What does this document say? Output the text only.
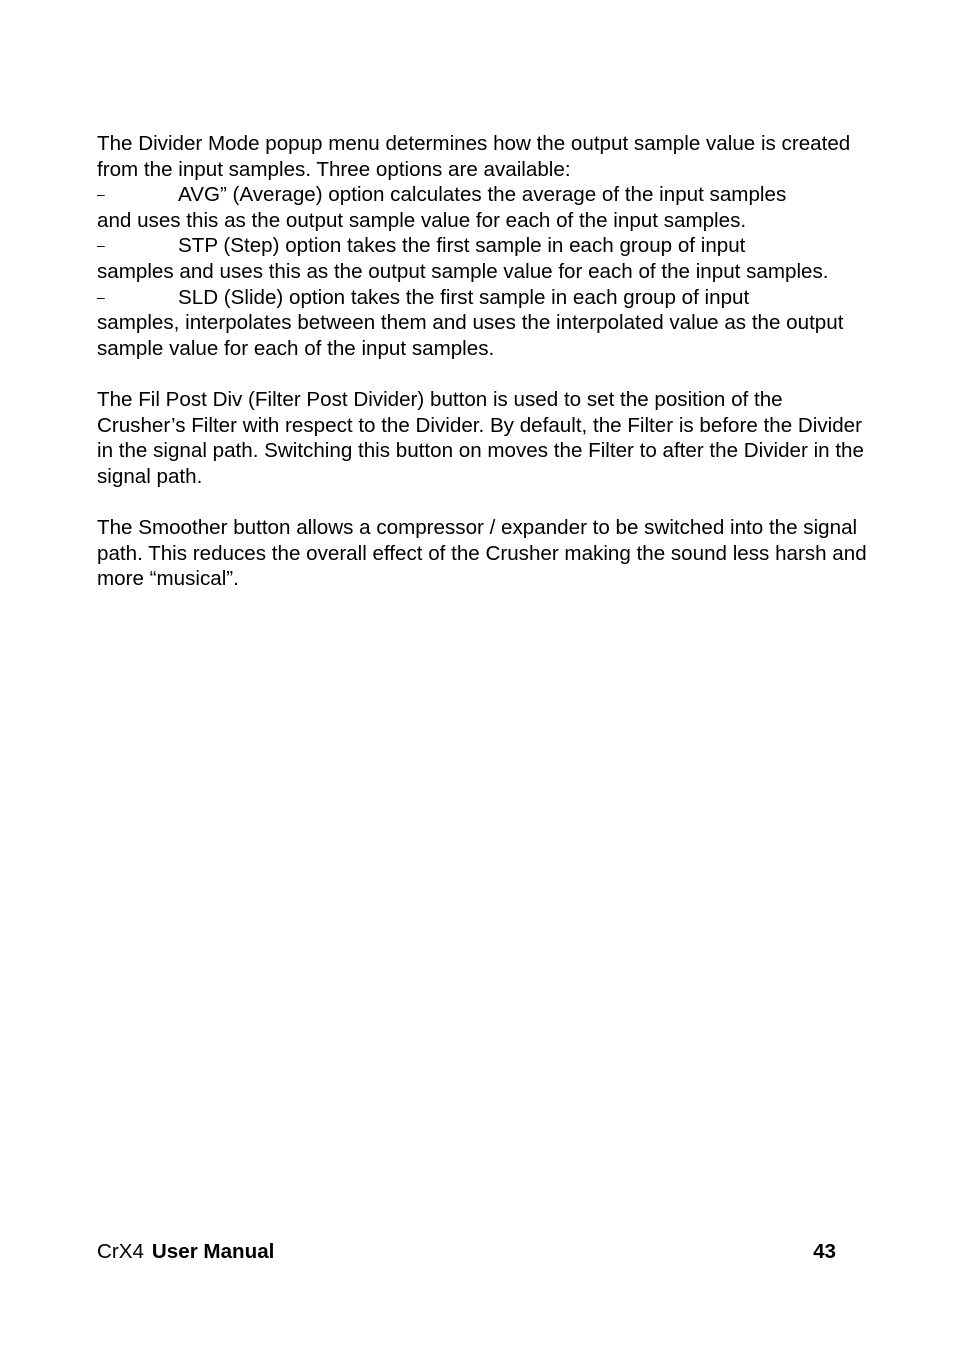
The Divider Mode popup menu determines how the output sample value is created from the input samples. Three options are available:

–	AVG” (Average) option calculates the average of the input samples
and uses this as the output sample value for each of the input samples.

–	STP (Step) option takes the first sample in each group of input
samples and uses this as the output sample value for each of the input samples.

–	SLD (Slide) option takes the first sample in each group of input
samples, interpolates between them and uses the interpolated value as the output sample value for each of the input samples.

The Fil Post Div (Filter Post Divider) button is used to set the position of the Crusher’s Filter with respect to the Divider. By default, the Filter is before the Divider in the signal path. Switching this button on moves the Filter to after the Divider in the signal path.

The Smoother button allows a compressor / expander to be switched into the signal path. This reduces the overall effect of the Crusher making the sound less harsh and more “musical”.

CrX4 User Manual	43
